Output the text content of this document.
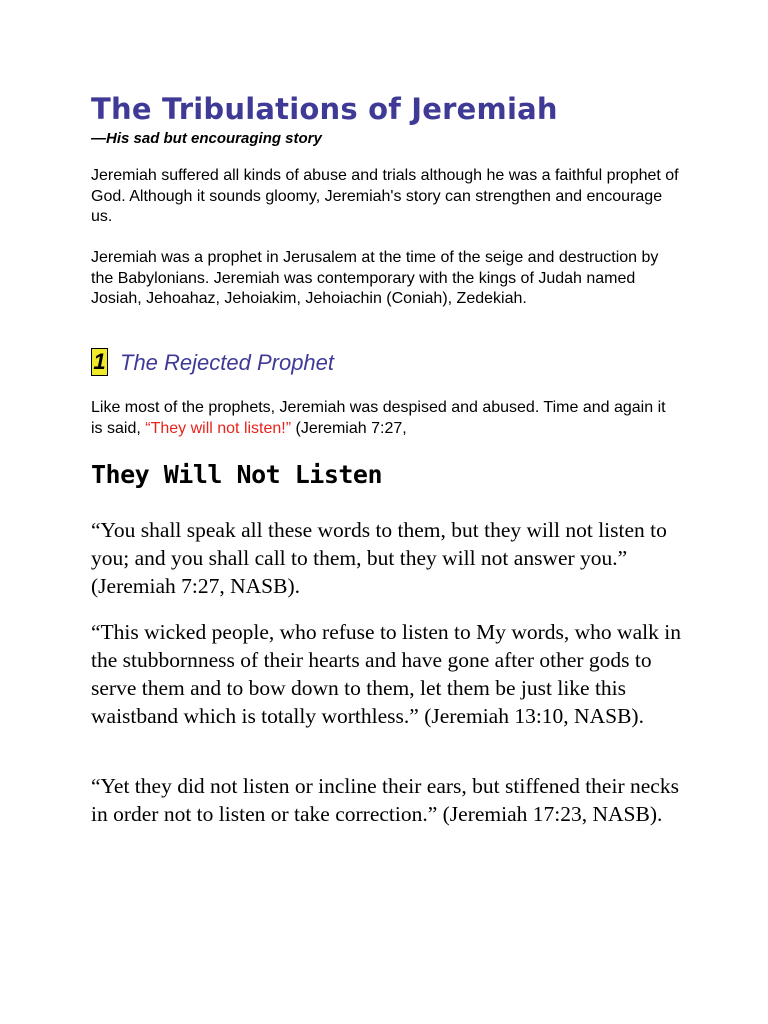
The Tribulations of Jeremiah

—His sad but encouraging story

Jeremiah suffered all kinds of abuse and trials although he was a faithful prophet of God. Although it sounds gloomy, Jeremiah's story can strengthen and encourage us.

Jeremiah was a prophet in Jerusalem at the time of the seige and destruction by the Babylonians. Jeremiah was contemporary with the kings of Judah named Josiah, Jehoahaz, Jehoiakim, Jehoiachin (Coniah), Zedekiah.

1 The Rejected Prophet

Like most of the prophets, Jeremiah was despised and abused. Time and again it is said, “They will not listen!” (Jeremiah 7:27,

They Will Not Listen

“You shall speak all these words to them, but they will not listen to you; and you shall call to them, but they will not answer you.” (Jeremiah 7:27, NASB).

“This wicked people, who refuse to listen to My words, who walk in the stubbornness of their hearts and have gone after other gods to serve them and to bow down to them, let them be just like this waistband which is totally worthless.” (Jeremiah 13:10, NASB).

“Yet they did not listen or incline their ears, but stiffened their necks in order not to listen or take correction.” (Jeremiah 17:23, NASB).
